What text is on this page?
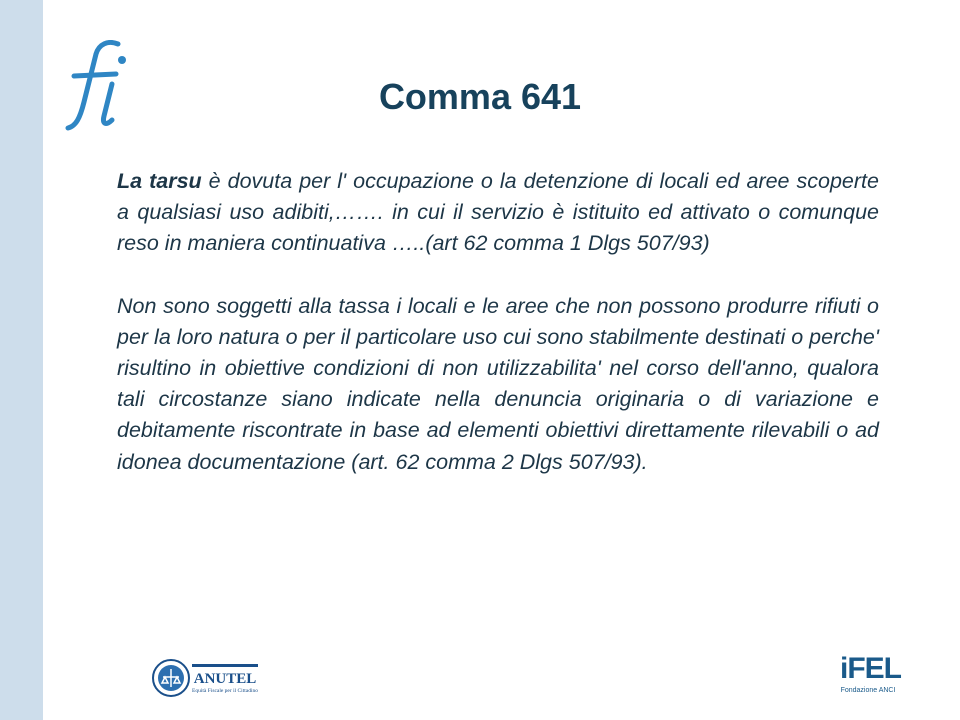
Comma 641

La tarsu è dovuta per l' occupazione o la detenzione di locali ed aree scoperte a qualsiasi uso adibiti,……. in cui il servizio è istituito ed attivato o comunque reso in maniera continuativa …..(art 62 comma 1 Dlgs 507/93)

Non sono soggetti alla tassa i locali e le aree che non possono produrre rifiuti o per la loro natura o per il particolare uso cui sono stabilmente destinati o perche' risultino in obiettive condizioni di non utilizzabilita' nel corso dell'anno, qualora tali circostanze siano indicate nella denuncia originaria o di variazione e debitamente riscontrate in base ad elementi obiettivi direttamente rilevabili o ad idonea documentazione (art. 62 comma 2 Dlgs 507/93).

ANUTEL
Equità Fiscale per il Cittadino
iFEL
Fondazione ANCI
